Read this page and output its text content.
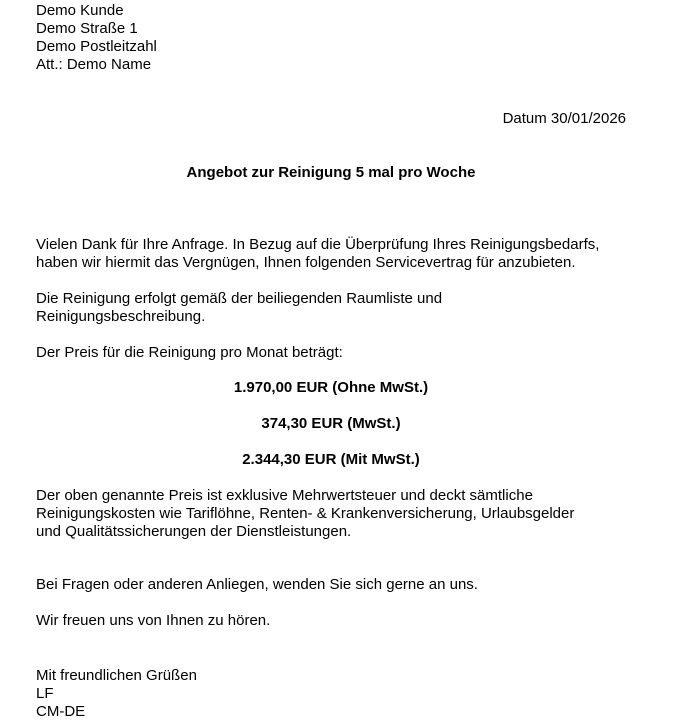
Demo Kunde
Demo Straße 1
Demo Postleitzahl
Att.: Demo Name
Datum 30/01/2026
Angebot zur Reinigung 5 mal pro Woche
Vielen Dank für Ihre Anfrage. In Bezug auf die Überprüfung Ihres Reinigungsbedarfs,
haben wir hiermit das Vergnügen, Ihnen folgenden Servicevertrag für anzubieten.
Die Reinigung erfolgt gemäß der beiliegenden Raumliste und
Reinigungsbeschreibung.
Der Preis für die Reinigung pro Monat beträgt:
1.970,00 EUR (Ohne MwSt.)
374,30 EUR (MwSt.)
2.344,30 EUR (Mit MwSt.)
Der oben genannte Preis ist exklusive Mehrwertsteuer und deckt sämtliche
Reinigungskosten wie Tariflöhne, Renten- & Krankenversicherung, Urlaubsgelder
und Qualitätssicherungen der Dienstleistungen.
Bei Fragen oder anderen Anliegen, wenden Sie sich gerne an uns.
Wir freuen uns von Ihnen zu hören.
Mit freundlichen Grüßen
LF
CM-DE
